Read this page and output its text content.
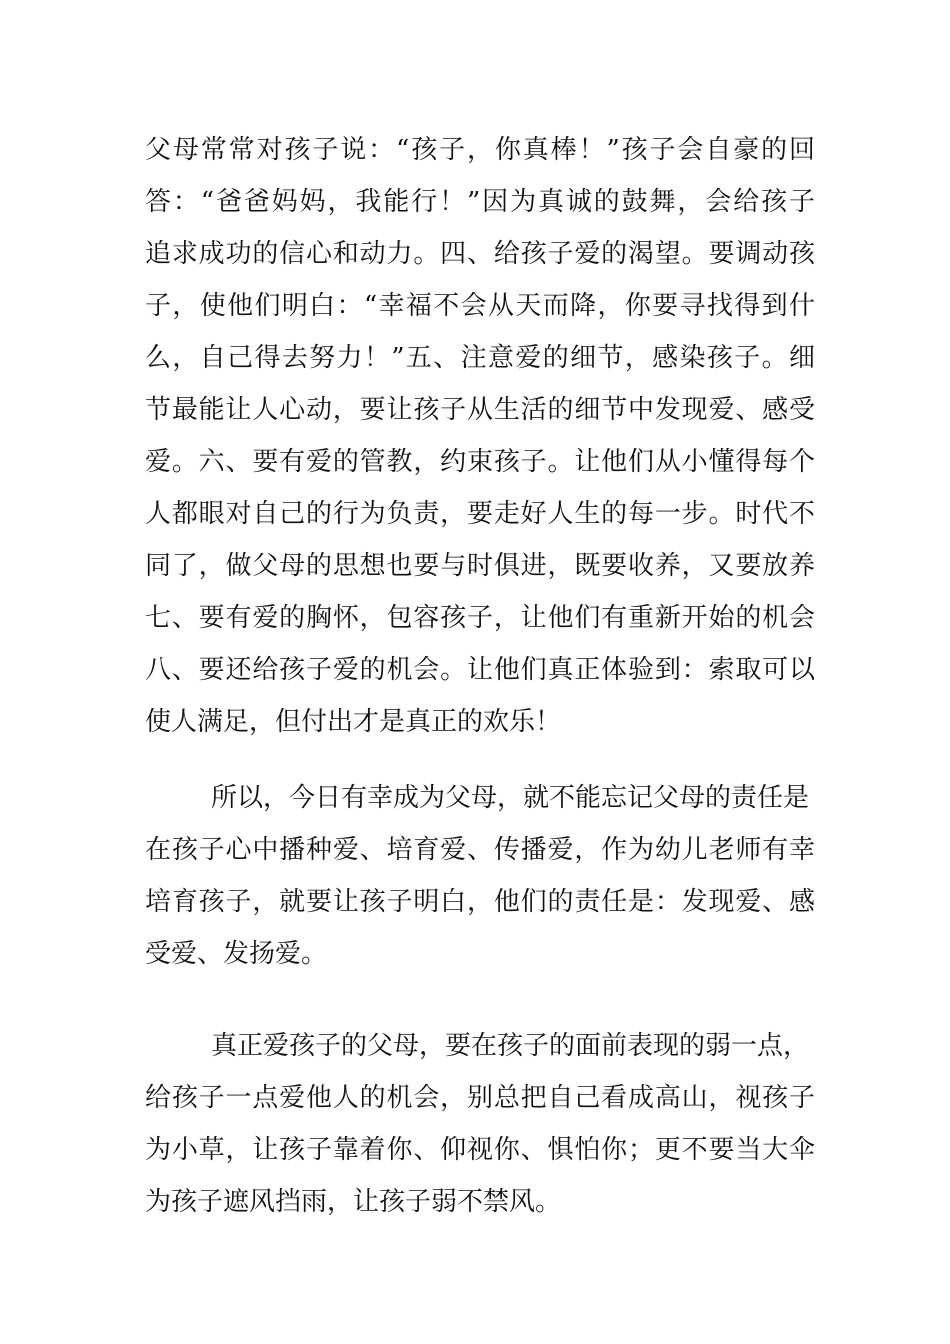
父母常常对孩子说：“孩子，你真棒！”孩子会自豪的回
答：“爸爸妈妈，我能行！”因为真诚的鼓舞，会给孩子
追求成功的信心和动力。四、给孩子爱的渴望。要调动孩
子，使他们明白：“幸福不会从天而降，你要寻找得到什
么，自己得去努力！”五、注意爱的细节，感染孩子。细
节最能让人心动，要让孩子从生活的细节中发现爱、感受
爱。六、要有爱的管教，约束孩子。让他们从小懂得每个
人都眼对自己的行为负责，要走好人生的每一步。时代不
同了，做父母的思想也要与时俱进，既要收养，又要放养
七、要有爱的胸怀，包容孩子，让他们有重新开始的机会
八、要还给孩子爱的机会。让他们真正体验到：索取可以
使人满足，但付出才是真正的欢乐！
所以，今日有幸成为父母，就不能忘记父母的责任是
在孩子心中播种爱、培育爱、传播爱，作为幼儿老师有幸
培育孩子，就要让孩子明白，他们的责任是：发现爱、感
受爱、发扬爱。
真正爱孩子的父母，要在孩子的面前表现的弱一点，
给孩子一点爱他人的机会，别总把自己看成高山，视孩子
为小草，让孩子靠着你、仰视你、惧怕你；更不要当大伞
为孩子遮风挡雨，让孩子弱不禁风。
